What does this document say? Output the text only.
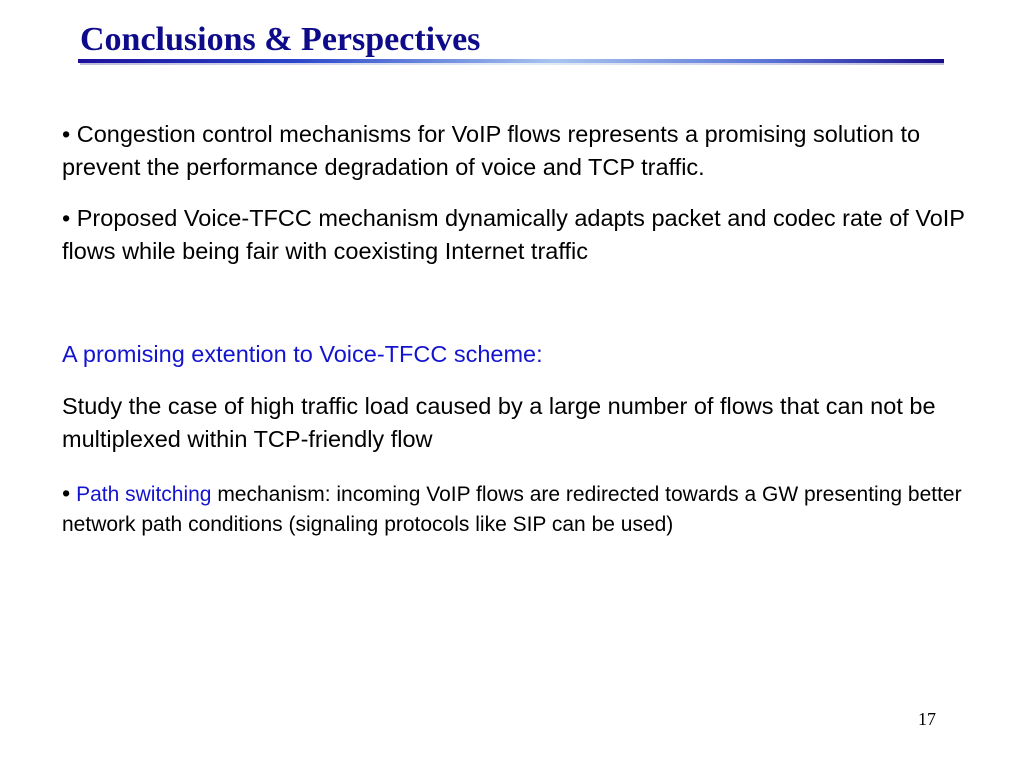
Conclusions & Perspectives

• Congestion control mechanisms for VoIP flows represents a promising solution to prevent the performance degradation of voice and TCP traffic.

• Proposed Voice-TFCC mechanism dynamically adapts packet and codec rate of VoIP flows while being fair with coexisting Internet traffic

A promising extention to Voice-TFCC scheme:

Study the case of high traffic load caused by a large number of flows that can not be multiplexed within TCP-friendly flow

• Path switching mechanism: incoming VoIP flows are redirected towards a GW presenting better network path conditions (signaling protocols like SIP can be used)

17
